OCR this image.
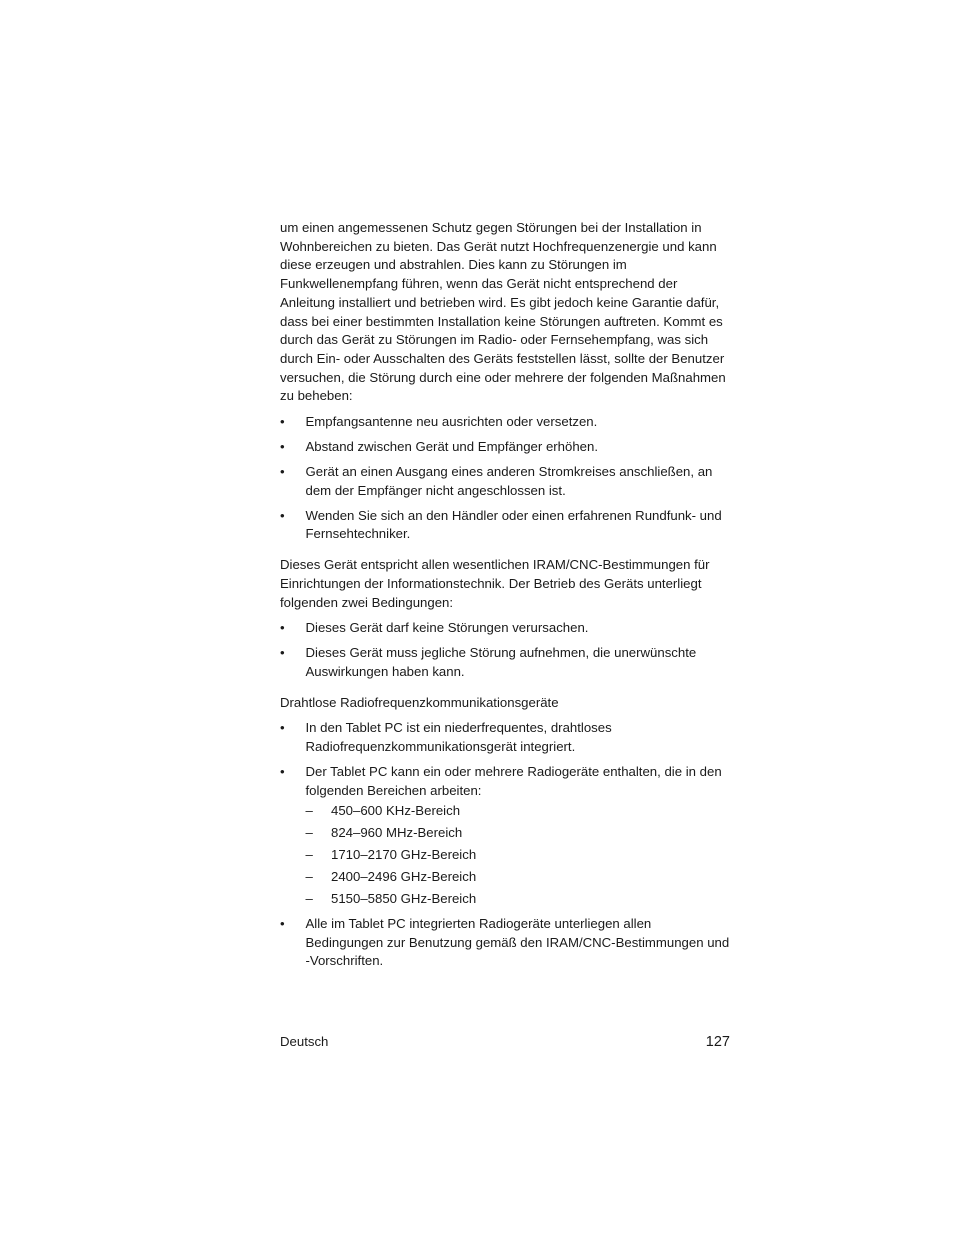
um einen angemessenen Schutz gegen Störungen bei der Installation in Wohnbereichen zu bieten. Das Gerät nutzt Hochfrequenzenergie und kann diese erzeugen und abstrahlen. Dies kann zu Störungen im Funkwellenempfang führen, wenn das Gerät nicht entsprechend der Anleitung installiert und betrieben wird. Es gibt jedoch keine Garantie dafür, dass bei einer bestimmten Installation keine Störungen auftreten. Kommt es durch das Gerät zu Störungen im Radio- oder Fernsehempfang, was sich durch Ein- oder Ausschalten des Geräts feststellen lässt, sollte der Benutzer versuchen, die Störung durch eine oder mehrere der folgenden Maßnahmen zu beheben:

• Empfangsantenne neu ausrichten oder versetzen.
• Abstand zwischen Gerät und Empfänger erhöhen.
• Gerät an einen Ausgang eines anderen Stromkreises anschließen, an dem der Empfänger nicht angeschlossen ist.
• Wenden Sie sich an den Händler oder einen erfahrenen Rundfunk- und Fernsehtechniker.

Dieses Gerät entspricht allen wesentlichen IRAM/CNC-Bestimmungen für Einrichtungen der Informationstechnik. Der Betrieb des Geräts unterliegt folgenden zwei Bedingungen:

• Dieses Gerät darf keine Störungen verursachen.
• Dieses Gerät muss jegliche Störung aufnehmen, die unerwünschte Auswirkungen haben kann.

Drahtlose Radiofrequenzkommunikationsgeräte

• In den Tablet PC ist ein niederfrequentes, drahtloses Radiofrequenzkommunikationsgerät integriert.
• Der Tablet PC kann ein oder mehrere Radiogeräte enthalten, die in den folgenden Bereichen arbeiten:
– 450–600 KHz-Bereich
– 824–960 MHz-Bereich
– 1710–2170 GHz-Bereich
– 2400–2496 GHz-Bereich
– 5150–5850 GHz-Bereich
• Alle im Tablet PC integrierten Radiogeräte unterliegen allen Bedingungen zur Benutzung gemäß den IRAM/CNC-Bestimmungen und -Vorschriften.
Deutsch	127
